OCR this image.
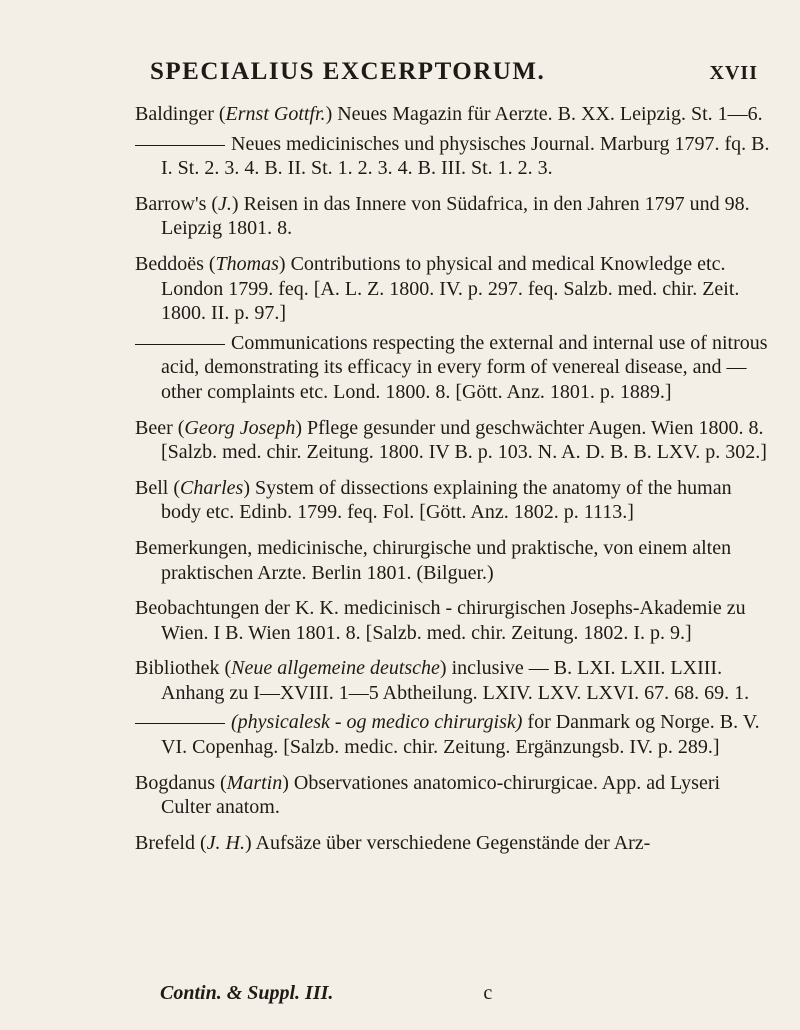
SPECIALIUS EXCERPTORUM.	XVII
Baldinger (Ernst Gottfr.) Neues Magazin für Aerzte. B. XX. Leipzig. St. 1—6.
Neues medicinisches und physisches Journal. Marburg 1797. fq. B. I. St. 2. 3. 4. B. II. St. 1. 2. 3. 4. B. III. St. 1. 2. 3.
Barrow's (J.) Reisen in das Innere von Südafrica, in den Jahren 1797 und 98. Leipzig 1801. 8.
Beddoës (Thomas) Contributions to physical and medical Knowledge etc. London 1799. feq. [A. L. Z. 1800. IV. p. 297. feq. Salzb. med. chir. Zeit. 1800. II. p. 97.]
Communications respecting the external and internal use of nitrous acid, demonstrating its efficacy in every form of venereal disease, and — other complaints etc. Lond. 1800. 8. [Gött. Anz. 1801. p. 1889.]
Beer (Georg Joseph) Pflege gesunder und geschwächter Augen. Wien 1800. 8. [Salzb. med. chir. Zeitung. 1800. IV B. p. 103. N. A. D. B. B. LXV. p. 302.]
Bell (Charles) System of dissections explaining the anatomy of the human body etc. Edinb. 1799. feq. Fol. [Gött. Anz. 1802. p. 1113.]
Bemerkungen, medicinische, chirurgische und praktische, von einem alten praktischen Arzte. Berlin 1801. (Bilguer.)
Beobachtungen der K. K. medicinisch - chirurgischen Josephs-Akademie zu Wien. I B. Wien 1801. 8. [Salzb. med. chir. Zeitung. 1802. I. p. 9.]
Bibliothek (Neue allgemeine deutsche) inclusive — B. LXI. LXII. LXIII. Anhang zu I—XVIII. 1—5 Abtheilung. LXIV. LXV. LXVI. 67. 68. 69. 1.
(physicalesk - og medico chirurgisk) for Danmark og Norge. B. V. VI. Copenhag. [Salzb. medic. chir. Zeitung. Ergänzungsb. IV. p. 289.]
Bogdanus (Martin) Observationes anatomico-chirurgicae. App. ad Lyseri Culter anatom.
Brefeld (J. H.) Aufsäze über verschiedene Gegenstände der Arz-
Contin. & Suppl. III.	c
